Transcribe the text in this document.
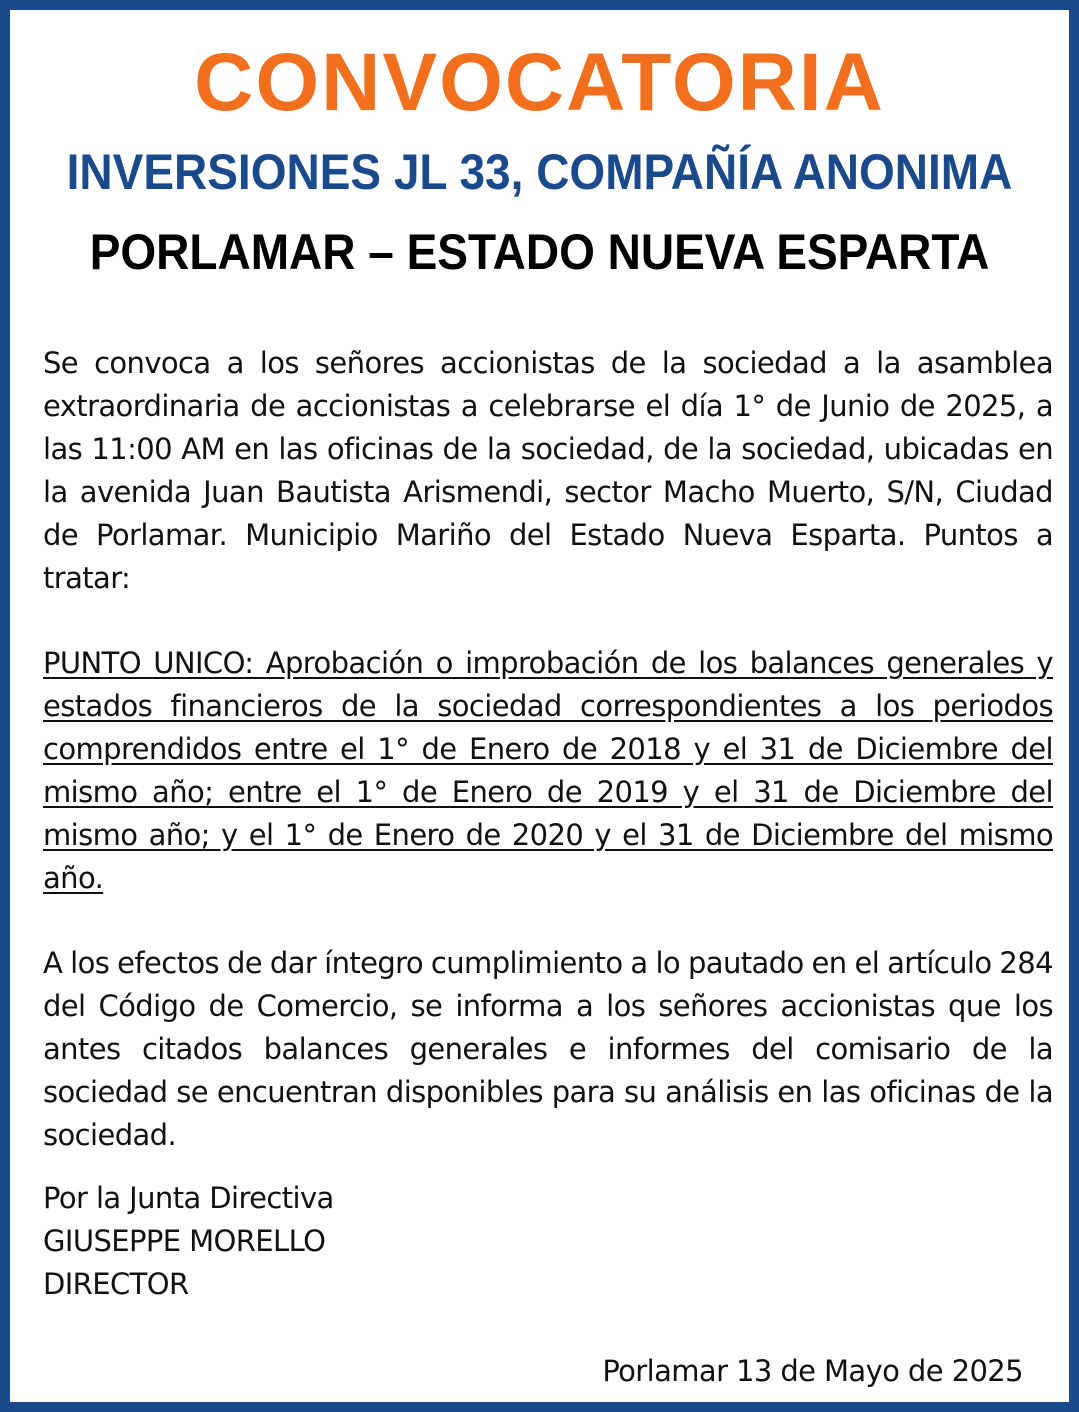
CONVOCATORIA
INVERSIONES JL 33, COMPAÑÍA ANONIMA
PORLAMAR – ESTADO NUEVA ESPARTA

Se convoca a los señores accionistas de la sociedad a la asamblea extraordinaria de accionistas a celebrarse el día 1° de Junio de 2025, a las 11:00 AM en las oficinas de la sociedad, de la sociedad, ubicadas en la avenida Juan Bautista Arismendi, sector Macho Muerto, S/N, Ciudad de Porlamar. Municipio Mariño del Estado Nueva Esparta. Puntos a tratar:

PUNTO UNICO: Aprobación o improbación de los balances generales y estados financieros de la sociedad correspondientes a los periodos comprendidos entre el 1° de Enero de 2018 y el 31 de Diciembre del mismo año; entre el 1° de Enero de 2019 y el 31 de Diciembre del mismo año; y el 1° de Enero de 2020 y el 31 de Diciembre del mismo año.

A los efectos de dar íntegro cumplimiento a lo pautado en el artículo 284 del Código de Comercio, se informa a los señores accionistas que los antes citados balances generales e informes del comisario de la sociedad se encuentran disponibles para su análisis en las oficinas de la sociedad.

Por la Junta Directiva
GIUSEPPE MORELLO
DIRECTOR
Porlamar 13 de Mayo de 2025
